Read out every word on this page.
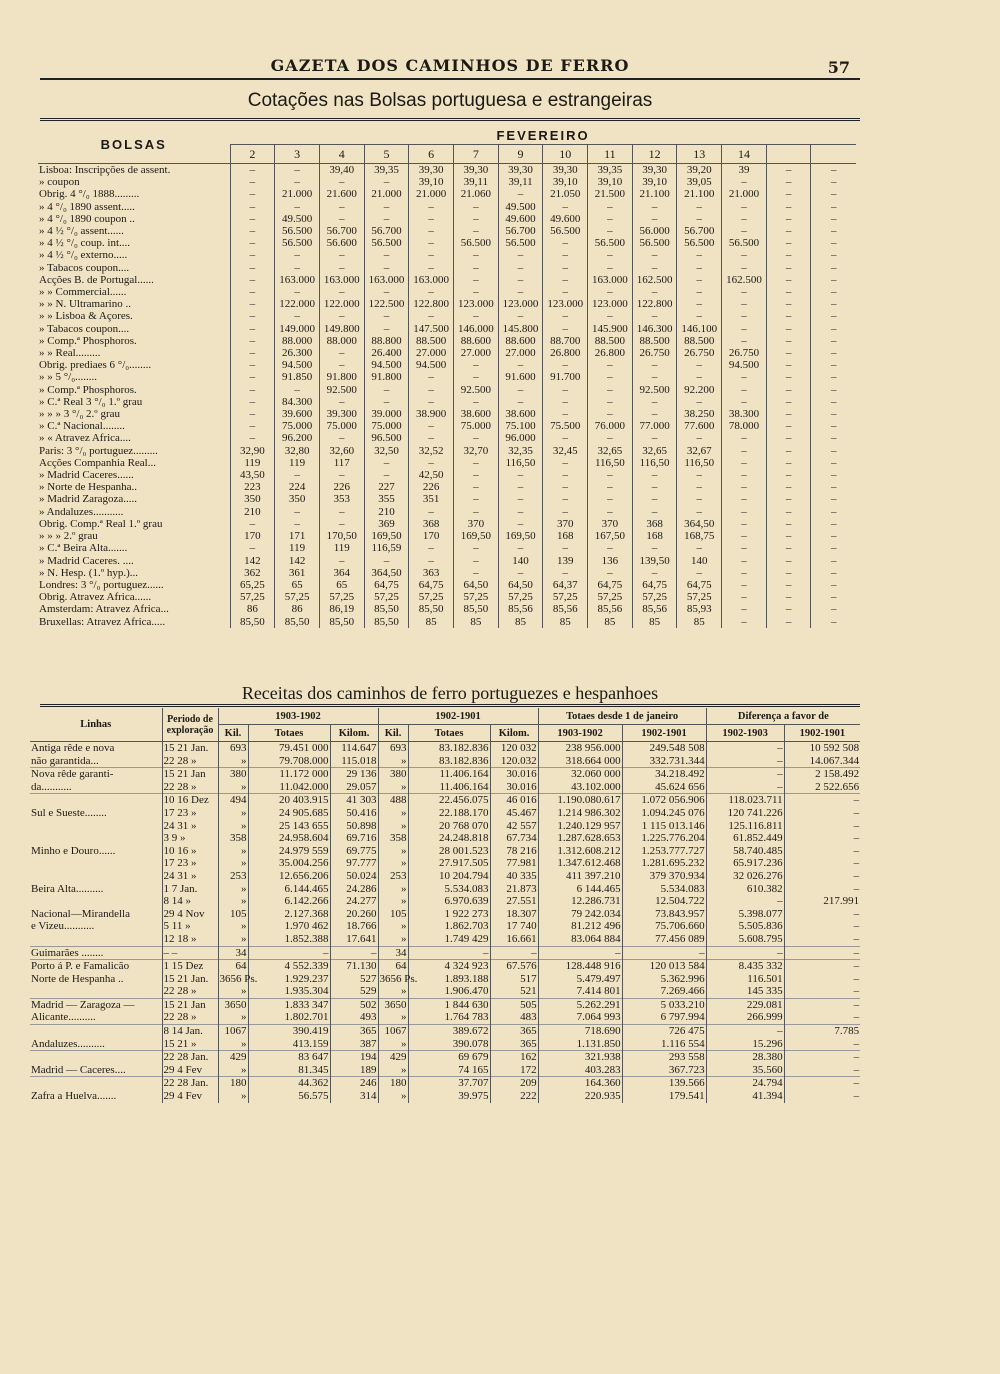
GAZETA DOS CAMINHOS DE FERRO	57
Cotações nas Bolsas portuguesa e estrangeiras
BOLSAS	FEVEREIRO													
	2	3	4	5	6	7	9	10	11	12	13	14		
Lisboa: Inscripções de assent.	–	–	39,40	39,35	39,30	39,30	39,30	39,30	39,35	39,30	39,20	39	–	–
» coupon	–	–	–	–	39,10	39,11	39,11	39,10	39,10	39,10	39,05	–	–	–
Obrig. 4 °/₀ 1888.........	–	21.000	21.600	21.000	21.000	21.060	–	21.050	21.500	21.100	21.100	21.000	–	–
» 4 °/₀ 1890 assent.....	–	–	–	–	–	–	49.500	–	–	–	–	–	–	–
» 4 °/₀ 1890 coupon ..	–	49.500	–	–	–	–	49.600	49.600	–	–	–	–	–	–
» 4 ½ °/₀ assent......	–	56.500	56.700	56.700	–	–	56.700	56.500	–	56.000	56.700	–	–	–
» 4 ½ °/₀ coup. int....	–	56.500	56.600	56.500	–	56.500	56.500	–	56.500	56.500	56.500	56.500	–	–
» 4 ½ °/₀ externo.....	–	–	–	–	–	–	–	–	–	–	–	–	–	–
» Tabacos coupon....	–	–	–	–	–	–	–	–	–	–	–	–	–	–
Acções B. de Portugal......	–	163.000	163.000	163.000	163.000	–	–	–	163.000	162.500	–	162.500	–	–
» » Commercial......	–	–	–	–	–	–	–	–	–	–	–	–	–	–
» » N. Ultramarino ..	–	122.000	122.000	122.500	122.800	123.000	123.000	123.000	123.000	122.800	–	–	–	–
» » Lisboa & Açores.	–	–	–	–	–	–	–	–	–	–	–	–	–	–
» Tabacos coupon....	–	149.000	149.800	–	147.500	146.000	145.800	–	145.900	146.300	146.100	–	–	–
» Comp.ª Phosphoros.	–	88.000	88.000	88.800	88.500	88.600	88.600	88.700	88.500	88.500	88.500	–	–	–
» » Real.........	–	26.300	–	26.400	27.000	27.000	27.000	26.800	26.800	26.750	26.750	26.750	–	–
Obrig. prediaes 6 °/₀........	–	94.500	–	94.500	94.500	–	–	–	–	–	–	94.500	–	–
» » 5 °/₀........	–	91.850	91.800	91.800	–	–	91.600	91.700	–	–	–	–	–	–
» Comp.ª Phosphoros.	–	–	92.500	–	–	92.500	–	–	–	92.500	92.200	–	–	–
» C.ª Real 3 °/₀ 1.º grau	–	84.300	–	–	–	–	–	–	–	–	–	–	–	–
» » » 3 °/₀ 2.º grau	–	39.600	39.300	39.000	38.900	38.600	38.600	–	–	–	38.250	38.300	–	–
» C.ª Nacional........	–	75.000	75.000	75.000	–	75.000	75.100	75.500	76.000	77.000	77.600	78.000	–	–
» « Atravez Africa....	–	96.200	–	96.500	–	–	96.000	–	–	–	–	–	–	–
Paris: 3 °/₀ portuguez.........	32,90	32,80	32,60	32,50	32,52	32,70	32,35	32,45	32,65	32,65	32,67	–	–	–
Acções Companhia Real...	119	119	117	–	–	–	116,50	–	116,50	116,50	116,50	–	–	–
» Madrid Caceres......	43,50	–	–	–	42,50	–	–	–	–	–	–	–	–	–
» Norte de Hespanha..	223	224	226	227	226	–	–	–	–	–	–	–	–	–
» Madrid Zaragoza.....	350	350	353	355	351	–	–	–	–	–	–	–	–	–
» Andaluzes...........	210	–	–	210	–	–	–	–	–	–	–	–	–	–
Obrig. Comp.ª Real 1.º grau	–	–	–	369	368	370	–	370	370	368	364,50	–	–	–
» » » 2.º grau	170	171	170,50	169,50	170	169,50	169,50	168	167,50	168	168,75	–	–	–
» C.ª Beira Alta.......	–	119	119	116,59	–	–	–	–	–	–	–	–	–	–
» Madrid Caceres. ....	142	142	–	–	–	–	140	139	136	139,50	140	–	–	–
» N. Hesp. (1.º hyp.)...	362	361	364	364,50	363	–	–	–	–	–	–	–	–	–
Londres: 3 °/₀ portuguez......	65,25	65	65	64,75	64,75	64,50	64,50	64,37	64,75	64,75	64,75	–	–	–
Obrig. Atravez Africa......	57,25	57,25	57,25	57,25	57,25	57,25	57,25	57,25	57,25	57,25	57,25	–	–	–
Amsterdam: Atravez Africa...	86	86	86,19	85,50	85,50	85,50	85,56	85,56	85,56	85,56	85,93	–	–	–
Bruxellas: Atravez Africa.....	85,50	85,50	85,50	85,50	85	85	85	85	85	85	85	–	–	–
Receitas dos caminhos de ferro portuguezes e hespanhoes
Linhas	Periodo de exploração	1903-1902			1902-1901			Totaes desde 1 de janeiro		Diferença a favor de	
		Kil.	Totaes	Kilom.	Kil.	Totaes	Kilom.	1903-1902	1902-1901	1902-1903	1902-1901
Antiga rêde e nova	15 21 Jan.	693	79.451 000	114.647	693	83.182.836	120 032	238 956.000	249.548 508	–	10 592 508
não garantida...	22 28 »	»	79.708.000	115.018	»	83.182.836	120.032	318.664 000	332.731.344	–	14.067.344
Nova rêde garanti-	15 21 Jan	380	11.172 000	29 136	380	11.406.164	30.016	32.060 000	34.218.492	–	2 158.492
da...........	22 28 »	»	11.042.000	29.057	»	11.406.164	30.016	43.102.000	45.624 656	–	2 522.656
	10 16 Dez	494	20 403.915	41 303	488	22.456.075	46 016	1.190.080.617	1.072 056.906	118.023.711	–
Sul e Sueste........	17 23 »	»	24 905.685	50.416	»	22.188.170	45.467	1.214 986.302	1.094.245 076	120 741.226	–
	24 31 »	»	25 143 655	50.898	»	20 768 070	42 557	1.240.129 957	1 115 013.146	125.116.811	–
	3 9 »	358	24.958.604	69.716	358	24.248.818	67.734	1.287.628.653	1.225.776.204	61.852.449	–
Minho e Douro......	10 16 »	»	24.979 559	69.775	»	28 001.523	78 216	1.312.608.212	1.253.777.727	58.740.485	–
	17 23 »	»	35.004.256	97.777	»	27.917.505	77.981	1.347.612.468	1.281.695.232	65.917.236	–
	24 31 »	253	12.656.206	50.024	253	10 204.794	40 335	411 397.210	379 370.934	32 026.276	–
Beira Alta..........	1 7 Jan.	»	6.144.465	24.286	»	5.534.083	21.873	6 144.465	5.534.083	610.382	–
	8 14 »	»	6.142.266	24.277	»	6.970.639	27.551	12.286.731	12.504.722	–	217.991
Nacional—Mirandella	29 4 Nov	105	2.127.368	20.260	105	1 922 273	18.307	79 242.034	73.843.957	5.398.077	–
e Vizeu...........	5 11 »	»	1.970 462	18.766	»	1.862.703	17 740	81.212 496	75.706.660	5.505.836	–
	12 18 »	»	1.852.388	17.641	»	1.749 429	16.661	83.064 884	77.456 089	5.608.795	–
Guimarães ........	– –	34	–	–	34	–	–	–	–	–	–
Porto á P. e Famalicão	1 15 Dez	64	4 552.339	71.130	64	4 324 923	67.576	128.448 916	120 013 584	8.435 332	–
Norte de Hespanha ..	15 21 Jan.	3656 Ps.	1.929.237	527	3656 Ps.	1.893.188	517	5.479.497	5.362.996	116.501	–
	22 28 »	»	1.935.304	529	»	1.906.470	521	7.414 801	7.269.466	145 335	–
Madrid — Zaragoza —	15 21 Jan	3650	1.833 347	502	3650	1 844 630	505	5.262.291	5 033.210	229.081	–
Alicante..........	22 28 »	»	1.802.701	493	»	1.764 783	483	7.064 993	6 797.994	266.999	–
	8 14 Jan.	1067	390.419	365	1067	389.672	365	718.690	726 475	–	7.785
Andaluzes..........	15 21 »	»	413.159	387	»	390.078	365	1.131.850	1.116 554	15.296	–
	22 28 Jan.	429	83 647	194	429	69 679	162	321.938	293 558	28.380	–
Madrid — Caceres....	29 4 Fev	»	81.345	189	»	74 165	172	403.283	367.723	35.560	–
	22 28 Jan.	180	44.362	246	180	37.707	209	164.360	139.566	24.794	–
Zafra a Huelva.......	29 4 Fev	»	56.575	314	»	39.975	222	220.935	179.541	41.394	–
